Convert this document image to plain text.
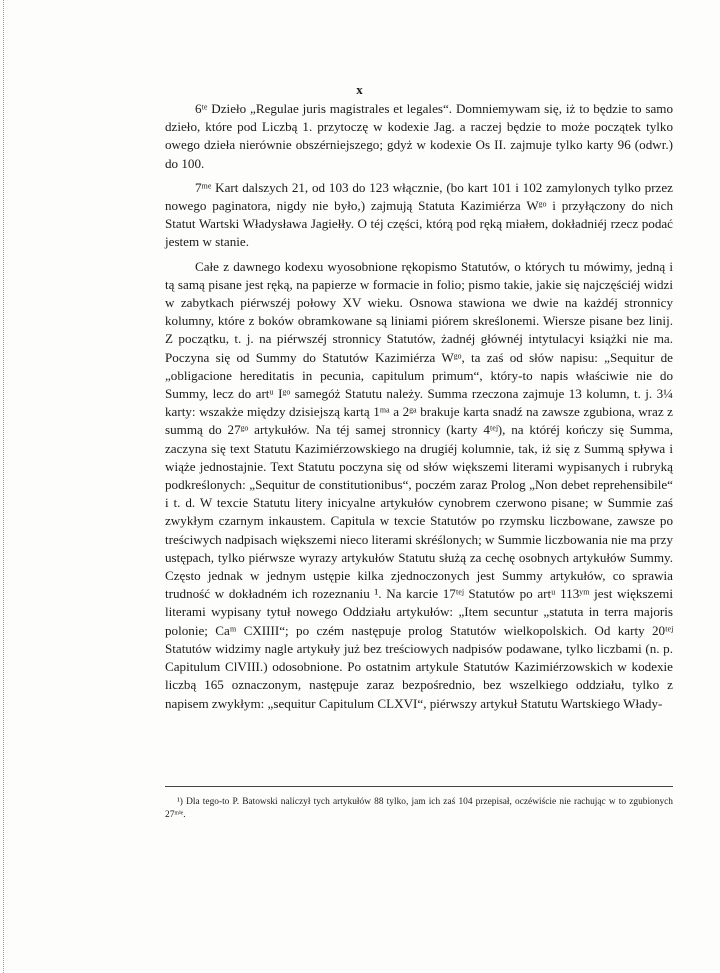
x

6ᵗᵉ Dzieło „Regulae juris magistrales et legales“. Domniemywam się, iż to będzie to samo dzieło, które pod Liczbą 1. przytoczę w kodexie Jag. a raczej będzie to może początek tylko owego dzieła nierównie obszérniejszego; gdyż w kodexie Os II. zajmuje tylko karty 96 (odwr.) do 100.

7ᵐᵉ Kart dalszych 21, od 103 do 123 włącznie, (bo kart 101 i 102 zamylonych tylko przez nowego paginatora, nigdy nie było,) zajmują Statuta Kazimiérza Wᵍᵒ i przyłączony do nich Statut Wartski Władysława Jagiełły. O téj części, którą pod ręką miałem, dokładniéj rzecz podać jestem w stanie.

Całe z dawnego kodexu wyosobnione rękopismo Statutów, o których tu mówimy, jedną i tą samą pisane jest ręką, na papierze w formacie in folio; pismo takie, jakie się najczęściéj widzi w zabytkach piérwszéj połowy XV wieku. Osnowa stawiona we dwie na każdéj stronnicy kolumny, które z boków obramkowane są liniami piórem skreślonemi. Wiersze pisane bez linij. Z początku, t. j. na piérwszéj stronnicy Statutów, żadnéj głównéj intytulacyi książki nie ma. Poczyna się od Summy do Statutów Kazimiérza Wᵍᵒ, ta zaś od słów napisu: „Sequitur de „obligacione hereditatis in pecunia, capitulum primum“, który-to napis właściwie nie do Summy, lecz do artᵘ Iᵍᵒ samegóż Statutu należy. Summa rzeczona zajmuje 13 kolumn, t. j. 3¼ karty: wszakże między dzisiejszą kartą 1ᵐᵃ a 2ᵍᵃ brakuje karta snadź na zawsze zgubiona, wraz z summą do 27ᵍᵒ artykułów. Na téj samej stronnicy (karty 4ᵗᵉʲ), na któréj kończy się Summa, zaczyna się text Statutu Kazimiérzowskiego na drugiéj kolumnie, tak, iż się z Summą spływa i wiąże jednostajnie. Text Statutu poczyna się od słów większemi literami wypisanych i rubryką podkreślonych: „Sequitur de constitutionibus“, poczém zaraz Prolog „Non debet reprehensibile“ i t. d. W texcie Statutu litery inicyalne artykułów cynobrem czerwono pisane; w Summie zaś zwykłym czarnym inkaustem. Capitula w texcie Statutów po rzymsku liczbowane, zawsze po treściwych nadpisach większemi nieco literami skréślonych; w Summie liczbowania nie ma przy ustępach, tylko piérwsze wyrazy artykułów Statutu służą za cechę osobnych artykułów Summy. Często jednak w jednym ustępie kilka zjednoczonych jest Summy artykułów, co sprawia trudność w dokładném ich rozeznaniu ¹. Na karcie 17ᵗᵉʲ Statutów po artᵘ 113ʸᵐ jest większemi literami wypisany tytuł nowego Oddziału artykułów: „Item secuntur „statuta in terra majoris polonie; Caᵐ CXIIII“; po czém następuje prolog Statutów wielkopolskich. Od karty 20ᵗᵉʲ Statutów widzimy nagle artykuły już bez treściowych nadpisów podawane, tylko liczbami (n. p. Capitulum ClVIII.) odosobnione. Po ostatnim artykule Statutów Kazimiérzowskich w kodexie liczbą 165 oznaczonym, następuje zaraz bezpośrednio, bez wszelkiego oddziału, tylko z napisem zwykłym: „sequitur Capitulum CLXVI“, piérwszy artykuł Statutu Wartskiego Włady-

¹) Dla tego-to P. Batowski naliczył tych artykułów 88 tylko, jam ich zaś 104 przepisał, oczéwiście nie rachując w to zgubionych 27ᵐⁱᵉ.
